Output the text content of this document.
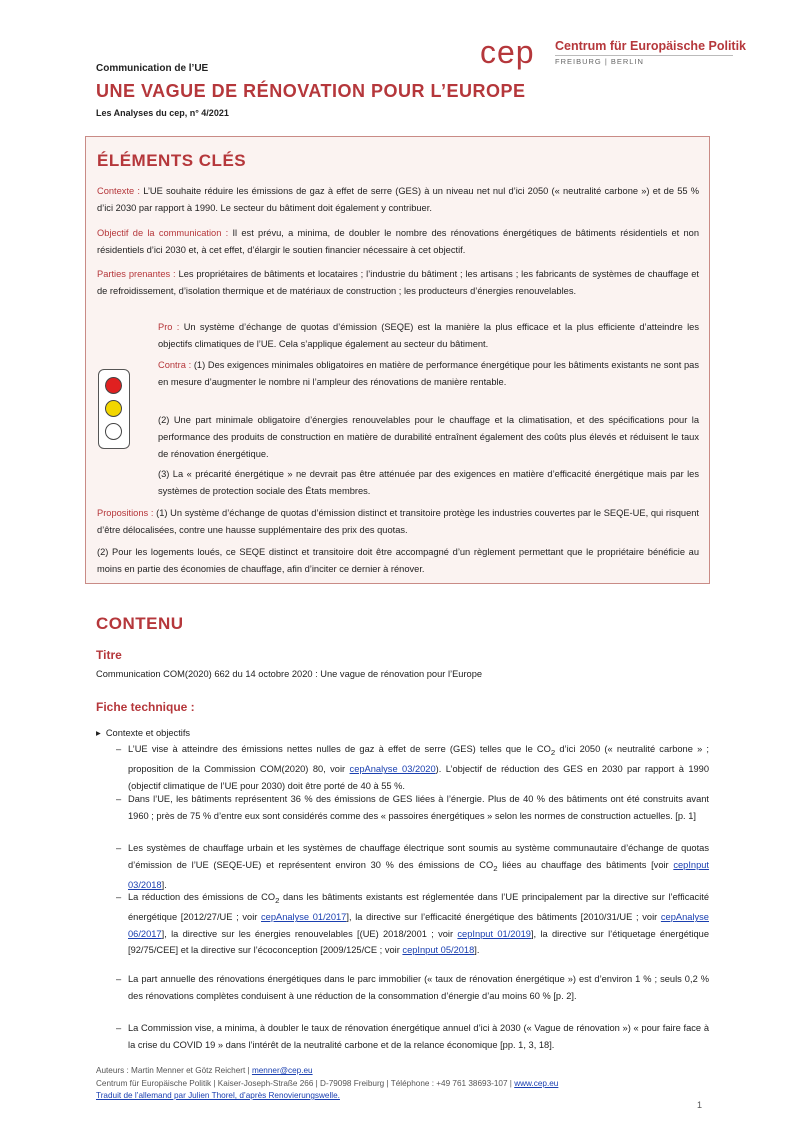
cep Centrum für Europäische Politik
FREIBURG | BERLIN
Communication de l’UE
UNE VAGUE DE RÉNOVATION POUR L’EUROPE
Les Analyses du cep, n° 4/2021
ÉLÉMENTS CLÉS

Contexte : L’UE souhaite réduire les émissions de gaz à effet de serre (GES) à un niveau net nul d’ici 2050 (« neutralité carbone ») et de 55 % d’ici 2030 par rapport à 1990. Le secteur du bâtiment doit également y contribuer.

Objectif de la communication : Il est prévu, a minima, de doubler le nombre des rénovations énergétiques de bâtiments résidentiels et non résidentiels d’ici 2030 et, à cet effet, d’élargir le soutien financier nécessaire à cet objectif.

Parties prenantes : Les propriétaires de bâtiments et locataires ; l’industrie du bâtiment ; les artisans ; les fabricants de systèmes de chauffage et de refroidissement, d’isolation thermique et de matériaux de construction ; les producteurs d’énergies renouvelables.

Pro : Un système d’échange de quotas d’émission (SEQE) est la manière la plus efficace et la plus efficiente d’atteindre les objectifs climatiques de l’UE. Cela s’applique également au secteur du bâtiment.

Contra : (1) Des exigences minimales obligatoires en matière de performance énergétique pour les bâtiments existants ne sont pas en mesure d’augmenter le nombre ni l’ampleur des rénovations de manière rentable.

(2) Une part minimale obligatoire d’énergies renouvelables pour le chauffage et la climatisation, et des spécifications pour la performance des produits de construction en matière de durabilité entraînent également des coûts plus élevés et réduisent le taux de rénovation énergétique.

(3) La « précarité énergétique » ne devrait pas être atténuée par des exigences en matière d’efficacité énergétique mais par les systèmes de protection sociale des États membres.

Propositions : (1) Un système d’échange de quotas d’émission distinct et transitoire protège les industries couvertes par le SEQE-UE, qui risquent d’être délocalisées, contre une hausse supplémentaire des prix des quotas.

(2) Pour les logements loués, ce SEQE distinct et transitoire doit être accompagné d’un règlement permettant que le propriétaire bénéficie au moins en partie des économies de chauffage, afin d’inciter ce dernier à rénover.

CONTENU
Titre
Communication COM(2020) 662 du 14 octobre 2020 : Une vague de rénovation pour l’Europe
Fiche technique :
▸  Contexte et objectifs

– L’UE vise à atteindre des émissions nettes nulles de gaz à effet de serre (GES) telles que le $CO_2$ d’ici 2050 (« neutralité carbone » ; proposition de la Commission COM(2020) 80, voir cepAnalyse 03/2020). L’objectif de réduction des GES en 2030 par rapport à 1990 (objectif climatique de l’UE pour 2030) doit être porté de 40 à 55 %.

– Dans l’UE, les bâtiments représentent 36 % des émissions de GES liées à l’énergie. Plus de 40 % des bâtiments ont été construits avant 1960 ; près de 75 % d’entre eux sont considérés comme des « passoires énergétiques » selon les normes de construction actuelles. [p. 1]

– Les systèmes de chauffage urbain et les systèmes de chauffage électrique sont soumis au système communautaire d’échange de quotas d’émission de l’UE (SEQE-UE) et représentent environ 30 % des émissions de $CO_2$ liées au chauffage des bâtiments [voir cepInput 03/2018].

– La réduction des émissions de $CO_2$ dans les bâtiments existants est réglementée dans l’UE principalement par la directive sur l’efficacité énergétique [2012/27/UE ; voir cepAnalyse 01/2017], la directive sur l’efficacité énergétique des bâtiments [2010/31/UE ; voir cepAnalyse 06/2017], la directive sur les énergies renouvelables [(UE) 2018/2001 ; voir cepInput 01/2019], la directive sur l’étiquetage énergétique [92/75/CEE] et la directive sur l’écoconception [2009/125/CE ; voir cepInput 05/2018].

– La part annuelle des rénovations énergétiques dans le parc immobilier (« taux de rénovation énergétique ») est d’environ 1 % ; seuls 0,2 % des rénovations complètes conduisent à une réduction de la consommation d’énergie d’au moins 60 % [p. 2].

– La Commission vise, a minima, à doubler le taux de rénovation énergétique annuel d’ici à 2030 (« Vague de rénovation ») « pour faire face à la crise du COVID 19 » dans l’intérêt de la neutralité carbone et de la relance économique [pp. 1, 3, 18].

Auteurs : Martin Menner et Götz Reichert | menner@cep.eu
Centrum für Europäische Politik | Kaiser-Joseph-Straße 266 | D-79098 Freiburg | Téléphone : +49 761 38693-107 | www.cep.eu
Traduit de l’allemand par Julien Thorel, d’après Renovierungswelle.
1
